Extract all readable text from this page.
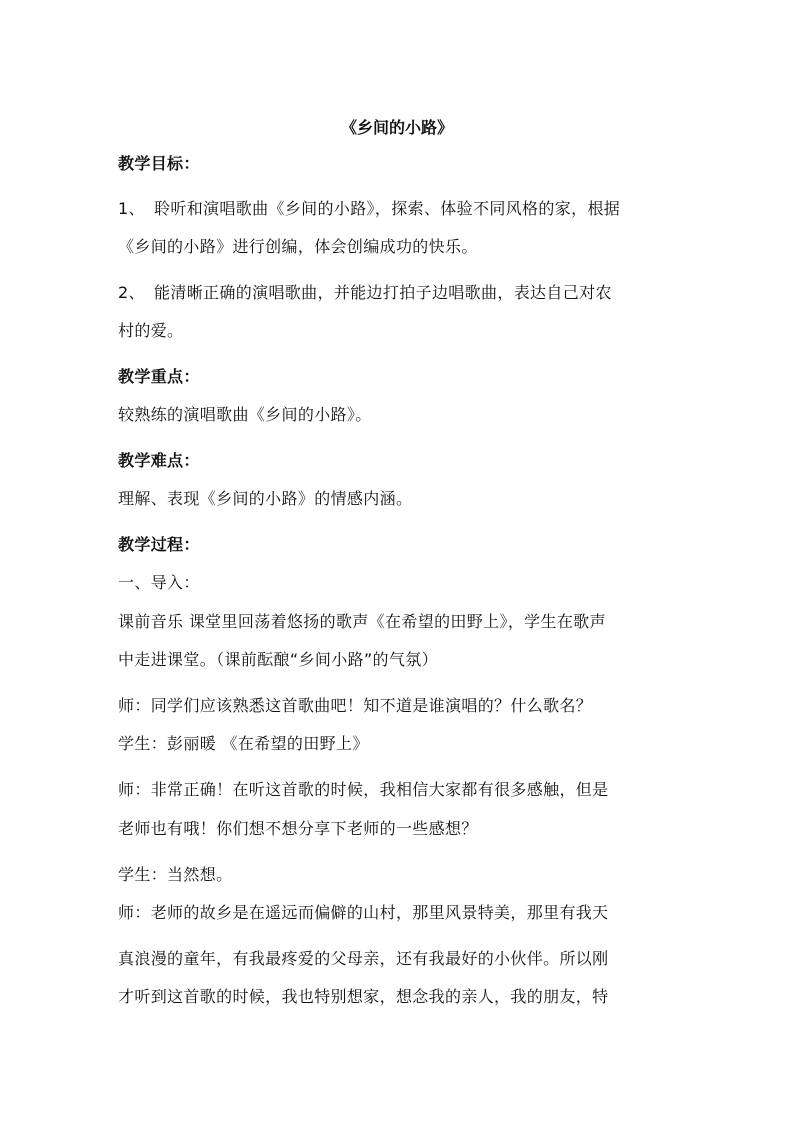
《乡间的小路》
教学目标：
1、 聆听和演唱歌曲《乡间的小路》，探索、体验不同风格的家，根据
《乡间的小路》进行创编，体会创编成功的快乐。
2、 能清晰正确的演唱歌曲，并能边打拍子边唱歌曲，表达自己对农
村的爱。
教学重点：
较熟练的演唱歌曲《乡间的小路》。
教学难点：
理解、表现《乡间的小路》的情感内涵。
教学过程：
一、导入：
课前音乐 课堂里回荡着悠扬的歌声《在希望的田野上》，学生在歌声
中走进课堂。（课前酝酿“乡间小路”的气氛）
师：同学们应该熟悉这首歌曲吧！知不道是谁演唱的？什么歌名？
学生：彭丽暖 《在希望的田野上》
师：非常正确！在听这首歌的时候，我相信大家都有很多感触，但是
老师也有哦！你们想不想分享下老师的一些感想？
学生：当然想。
师：老师的故乡是在遥远而偏僻的山村，那里风景特美，那里有我天
真浪漫的童年，有我最疼爱的父母亲，还有我最好的小伙伴。所以刚
才听到这首歌的时候，我也特别想家，想念我的亲人，我的朋友，特
